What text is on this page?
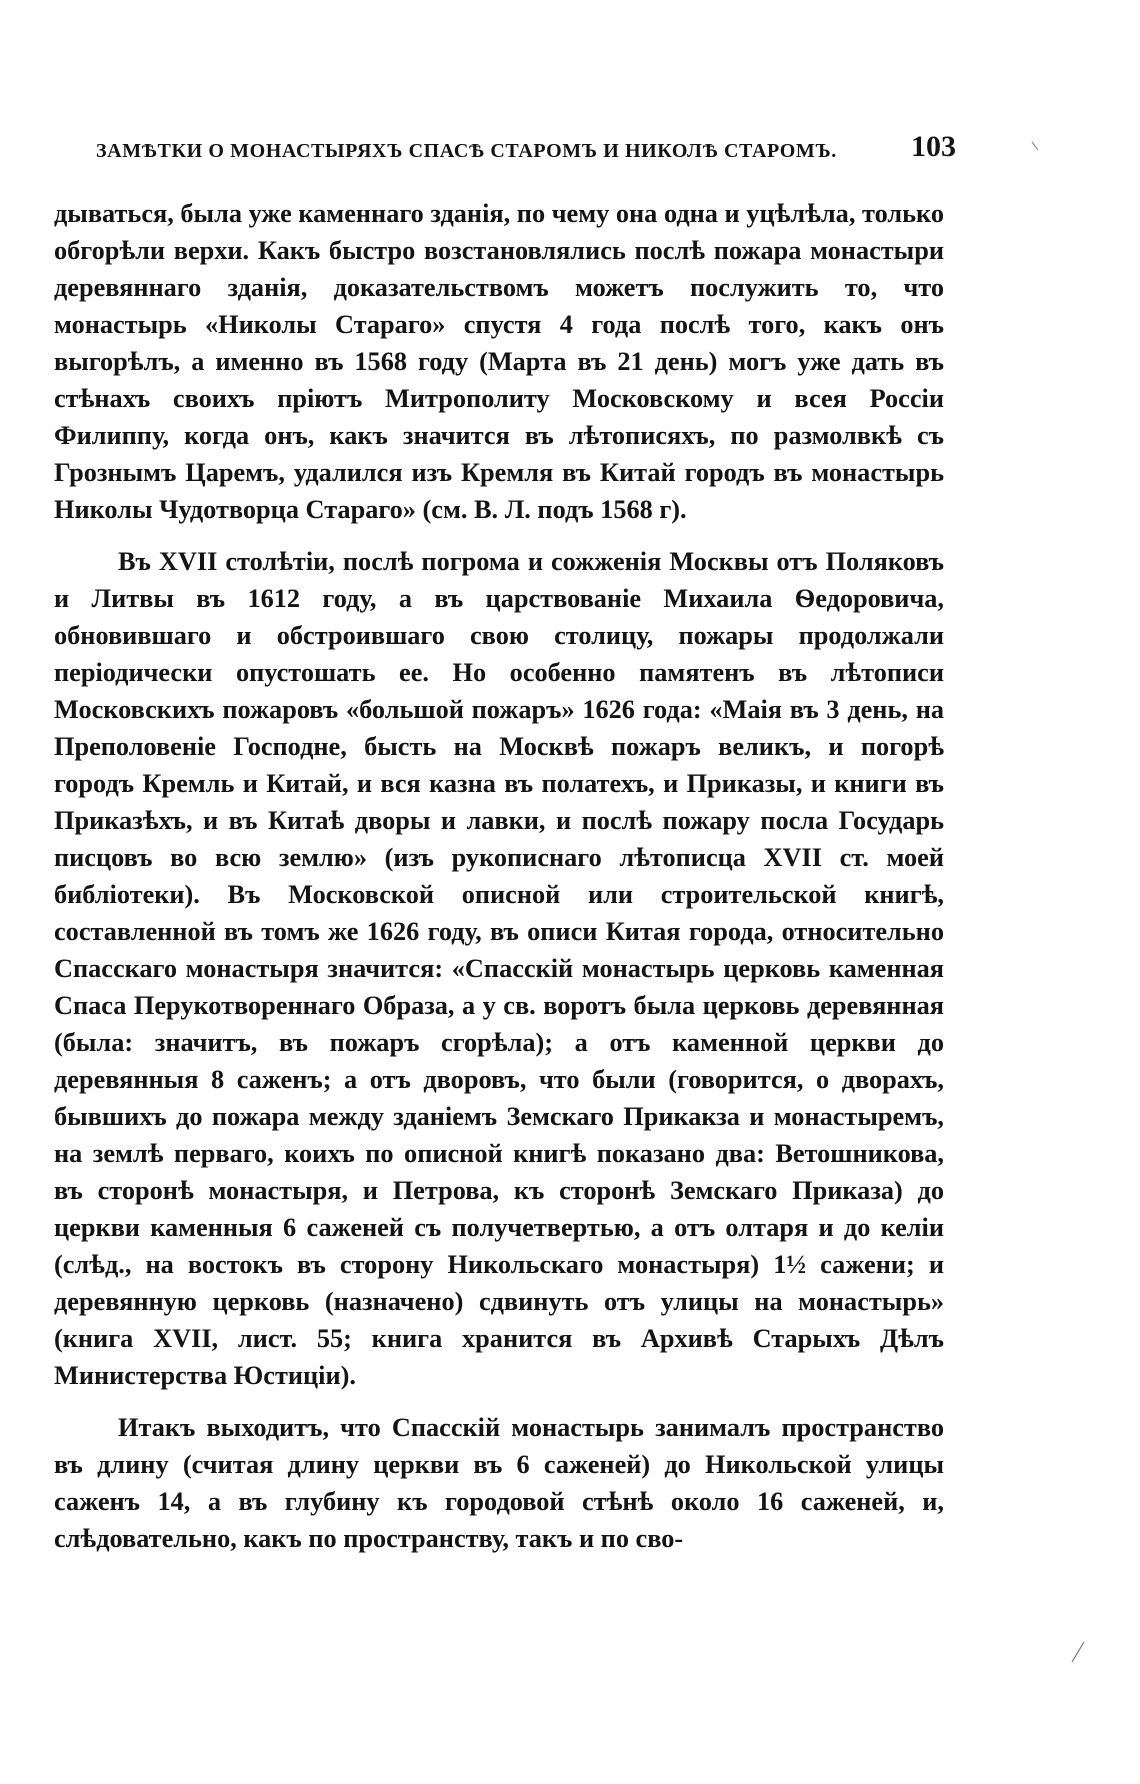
ЗАМѢТКИ О МОНАСТЫРЯХЪ СПАСѢ СТАРОМЪ И НИКОЛѢ СТАРОМЪ. 103

дываться, была уже каменнаго зданія, по чему она одна и уцѣлѣла, только обгорѣли верхи. Какъ быстро возстановлялись послѣ пожара монастыри деревяннаго зданія, доказательствомъ можетъ послужить то, что монастырь «Николы Стараго» спустя 4 года послѣ того, какъ онъ выгорѣлъ, а именно въ 1568 году (Марта въ 21 день) могъ уже дать въ стѣнахъ своихъ пріютъ Митрополиту Московскому и всея Россіи Филиппу, когда онъ, какъ значится въ лѣтописяхъ, по размолвкѣ съ Грознымъ Царемъ, удалился изъ Кремля въ Китай городъ въ монастырь Николы Чудотворца Стараго» (см. В. Л. подъ 1568 г).

Въ XVII столѣтіи, послѣ погрома и сожженія Москвы отъ Поляковъ и Литвы въ 1612 году, а въ царствованіе Михаила Ѳедоровича, обновившаго и обстроившаго свою столицу, пожары продолжали періодически опустошать ее. Но особенно памятенъ въ лѣтописи Московскихъ пожаровъ «большой пожаръ» 1626 года: «Маія въ 3 день, на Преполовеніе Господне, бысть на Москвѣ пожаръ великъ, и погорѣ городъ Кремль и Китай, и вся казна въ полатехъ, и Приказы, и книги въ Приказѣхъ, и въ Китаѣ дворы и лавки, и послѣ пожару посла Государь писцовъ во всю землю» (изъ рукописнаго лѣтописца XVII ст. моей библіотеки). Въ Московской описной или строительской книгѣ, составленной въ томъ же 1626 году, въ описи Китая города, относительно Спасскаго монастыря значится: «Спасскій монастырь церковь каменная Спаса Перукотвореннаго Образа, а у св. воротъ была церковь деревянная (была: значитъ, въ пожаръ сгорѣла); а отъ каменной церкви до деревянныя 8 саженъ; а отъ дворовъ, что были (говорится, о дворахъ, бывшихъ до пожара между зданіемъ Земскаго Прикакза и монастыремъ, на землѣ перваго, коихъ по описной книгѣ показано два: Ветошникова, въ сторонѣ монастыря, и Петрова, къ сторонѣ Земскаго Приказа) до церкви каменныя 6 саженей съ получетвертью, а отъ олтаря и до келіи (слѣд., на востокъ въ сторону Никольскаго монастыря) 1½ сажени; и деревянную церковь (назначено) сдвинуть отъ улицы на монастырь» (книга XVII, лист. 55; книга хранится въ Архивѣ Старыхъ Дѣлъ Министерства Юстиціи).

Итакъ выходитъ, что Спасскій монастырь занималъ пространство въ длину (считая длину церкви въ 6 саженей) до Никольской улицы саженъ 14, а въ глубину къ городовой стѣнѣ около 16 саженей, и, слѣдовательно, какъ по пространству, такъ и по сво-
